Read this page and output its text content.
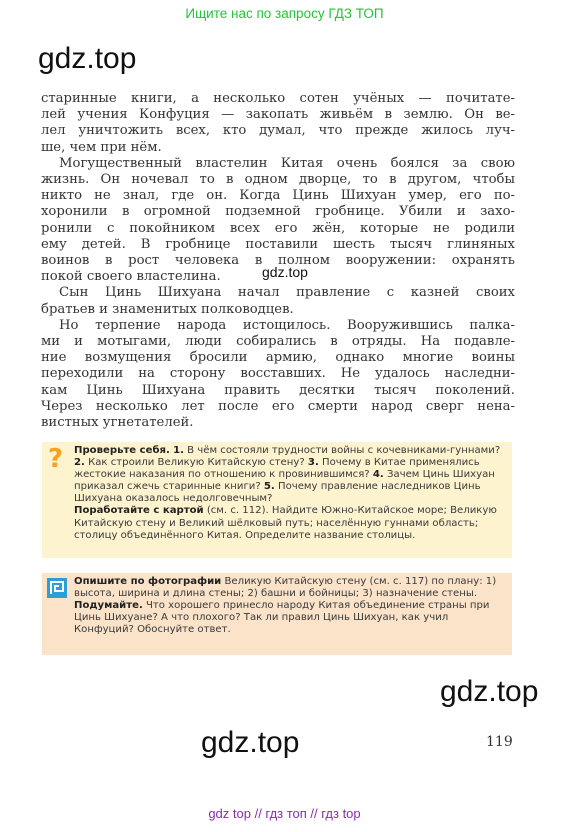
Ищите нас по запросу ГДЗ ТОП
gdz.top
gdz.top
gdz.top
gdz.top
старинные книги, а несколько сотен учёных — почитате-
лей учения Конфуция — закопать живьём в землю. Он ве-
лел уничтожить всех, кто думал, что прежде жилось луч-
ше, чем при нём.
Могущественный властелин Китая очень боялся за свою
жизнь. Он ночевал то в одном дворце, то в другом, чтобы
никто не знал, где он. Когда Цинь Шихуан умер, его по-
хоронили в огромной подземной гробнице. Убили и захо-
ронили с покойником всех его жён, которые не родили
ему детей. В гробнице поставили шесть тысяч глиняных
воинов в рост человека в полном вооружении: охранять
покой своего властелина.
Сын Цинь Шихуана начал правление с казней своих
братьев и знаменитых полководцев.
Но терпение народа истощилось. Вооружившись палка-
ми и мотыгами, люди собирались в отряды. На подавле-
ние возмущения бросили армию, однако многие воины
переходили на сторону восставших. Не удалось наследни-
кам Цинь Шихуана править десятки тысяч поколений.
Через несколько лет после его смерти народ сверг нена-
вистных угнетателей.
? Проверьте себя. 1. В чём состояли трудности войны с кочевниками-гуннами? 2. Как строили Великую Китайскую стену? 3. Почему в Китае применялись жестокие наказания по отношению к провинившимся? 4. Зачем Цинь Шихуан приказал сжечь старинные книги? 5. Почему правление наследников Цинь Шихуана оказалось недолговечным?
Поработайте с картой (см. с. 112). Найдите Южно-Китайское море; Великую Китайскую стену и Великий шёлковый путь; населённую гуннами область; столицу объединённого Китая. Определите название столицы.
Опишите по фотографии Великую Китайскую стену (см. с. 117) по плану: 1) высота, ширина и длина стены; 2) башни и бойницы; 3) назначение стены.
Подумайте. Что хорошего принесло народу Китая объединение страны при Цинь Шихуане? А что плохого? Так ли правил Цинь Шихуан, как учил Конфуций? Обоснуйте ответ.
119
gdz top // гдз топ // гдз top
